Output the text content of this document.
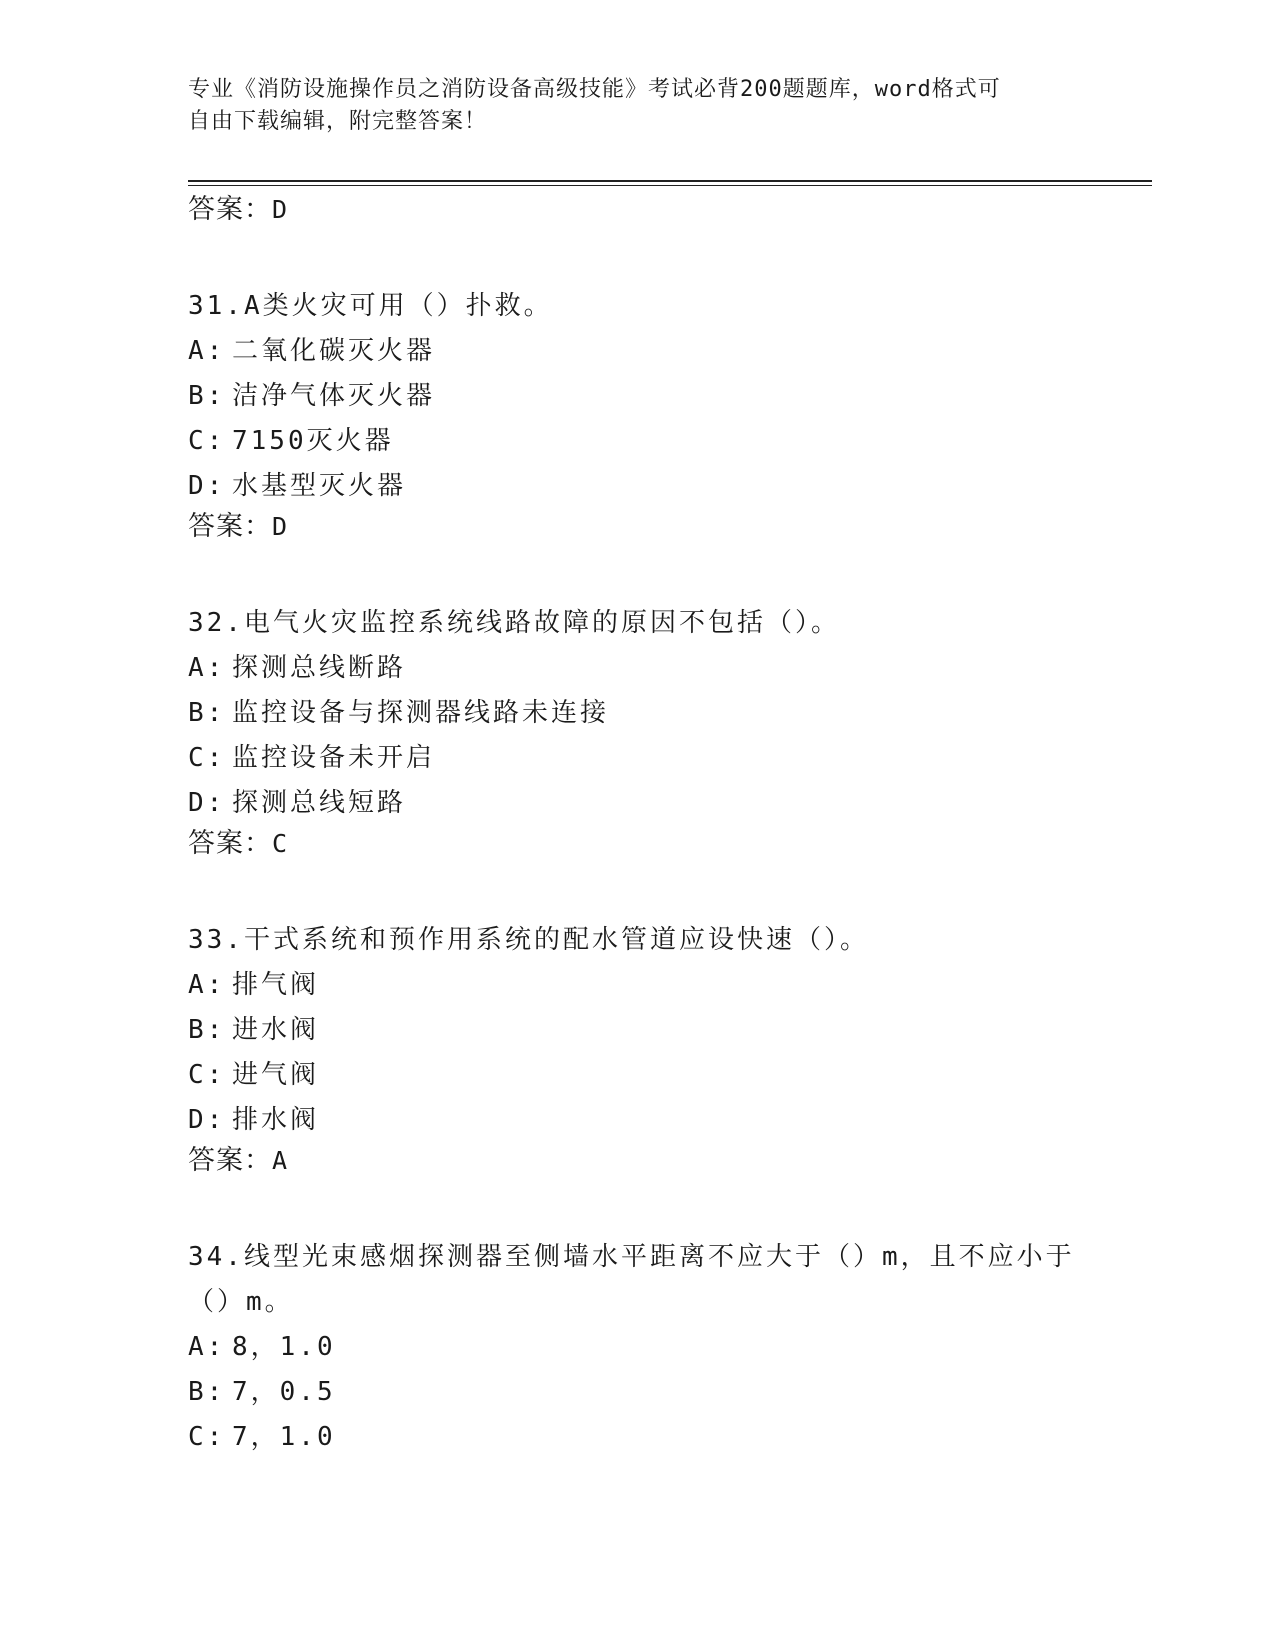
专业《消防设施操作员之消防设备高级技能》考试必背200题题库，word格式可
自由下载编辑，附完整答案！
答案：D
31.A类火灾可用（）扑救。
A: 二氧化碳灭火器
B: 洁净气体灭火器
C: 7150灭火器
D: 水基型灭火器
答案：D
32.电气火灾监控系统线路故障的原因不包括（）。
A: 探测总线断路
B: 监控设备与探测器线路未连接
C: 监控设备未开启
D: 探测总线短路
答案：C
33.干式系统和预作用系统的配水管道应设快速（）。
A: 排气阀
B: 进水阀
C: 进气阀
D: 排水阀
答案：A
34.线型光束感烟探测器至侧墙水平距离不应大于（）m，且不应小于（）m。
A: 8，1.0
B: 7，0.5
C: 7，1.0
